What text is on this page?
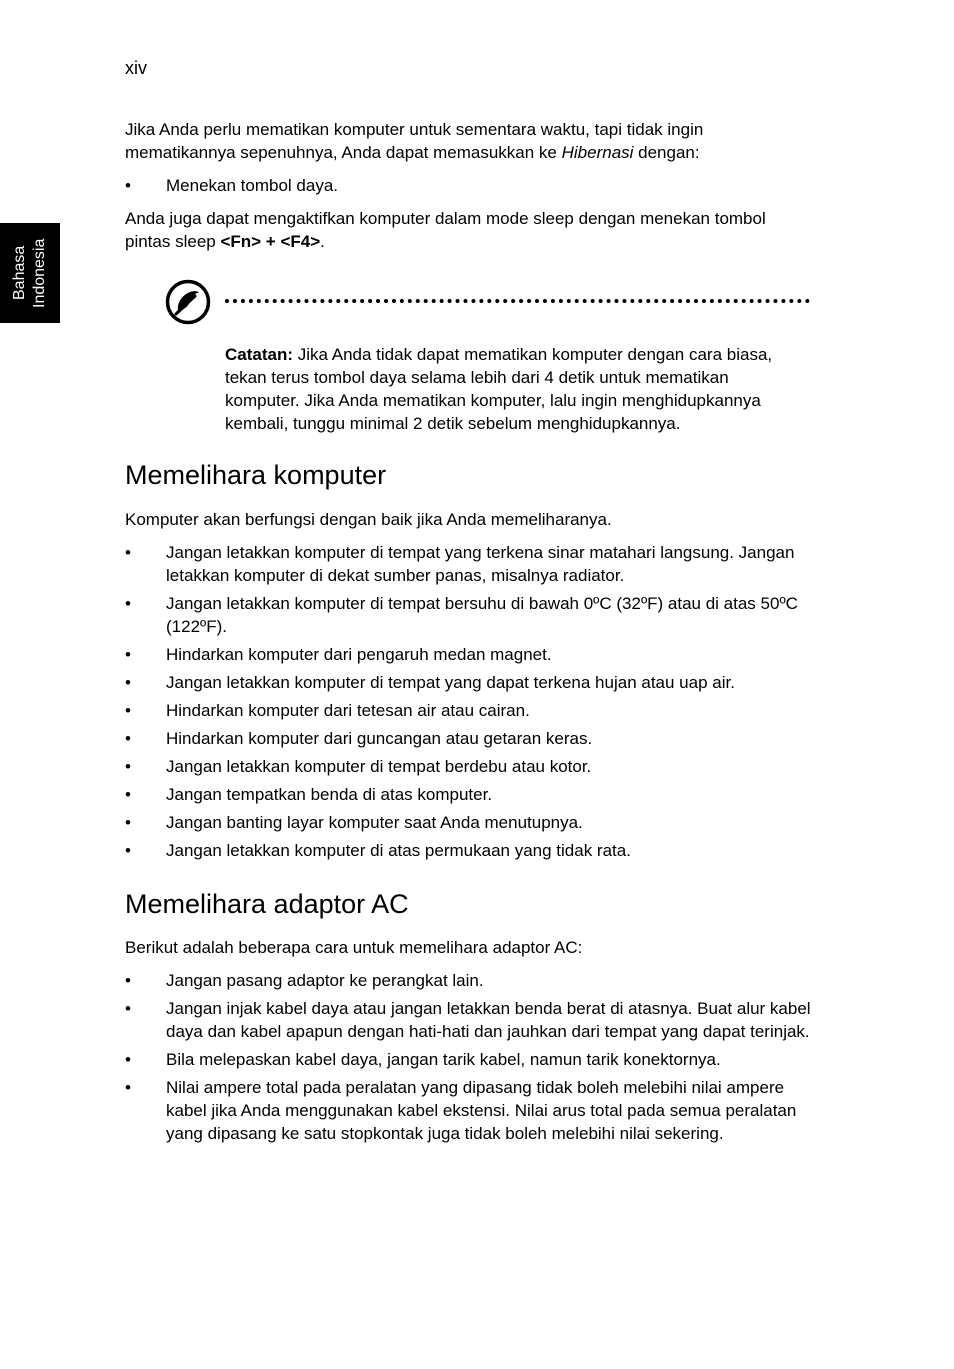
xiv
Bahasa Indonesia

Jika Anda perlu mematikan komputer untuk sementara waktu, tapi tidak ingin mematikannya sepenuhnya, Anda dapat memasukkan ke Hibernasi dengan:

• Menekan tombol daya.

Anda juga dapat mengaktifkan komputer dalam mode sleep dengan menekan tombol pintas sleep <Fn> + <F4>.

Catatan: Jika Anda tidak dapat mematikan komputer dengan cara biasa, tekan terus tombol daya selama lebih dari 4 detik untuk mematikan komputer. Jika Anda mematikan komputer, lalu ingin menghidupkannya kembali, tunggu minimal 2 detik sebelum menghidupkannya.

Memelihara komputer

Komputer akan berfungsi dengan baik jika Anda memeliharanya.

• Jangan letakkan komputer di tempat yang terkena sinar matahari langsung. Jangan letakkan komputer di dekat sumber panas, misalnya radiator.
• Jangan letakkan komputer di tempat bersuhu di bawah 0ºC (32ºF) atau di atas 50ºC (122ºF).
• Hindarkan komputer dari pengaruh medan magnet.
• Jangan letakkan komputer di tempat yang dapat terkena hujan atau uap air.
• Hindarkan komputer dari tetesan air atau cairan.
• Hindarkan komputer dari guncangan atau getaran keras.
• Jangan letakkan komputer di tempat berdebu atau kotor.
• Jangan tempatkan benda di atas komputer.
• Jangan banting layar komputer saat Anda menutupnya.
• Jangan letakkan komputer di atas permukaan yang tidak rata.
Memelihara adaptor AC

Berikut adalah beberapa cara untuk memelihara adaptor AC:

• Jangan pasang adaptor ke perangkat lain.
• Jangan injak kabel daya atau jangan letakkan benda berat di atasnya. Buat alur kabel daya dan kabel apapun dengan hati-hati dan jauhkan dari tempat yang dapat terinjak.
• Bila melepaskan kabel daya, jangan tarik kabel, namun tarik konektornya.
• Nilai ampere total pada peralatan yang dipasang tidak boleh melebihi nilai ampere kabel jika Anda menggunakan kabel ekstensi. Nilai arus total pada semua peralatan yang dipasang ke satu stopkontak juga tidak boleh melebihi nilai sekering.
